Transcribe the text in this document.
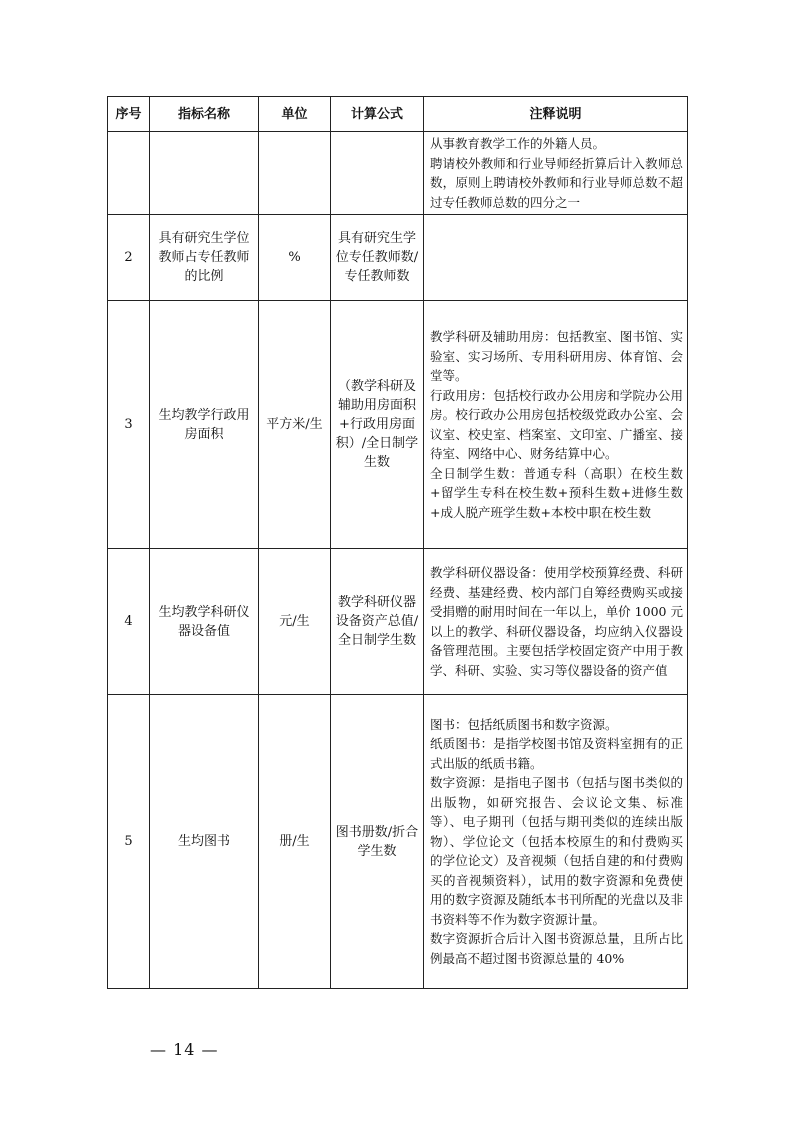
序号	指标名称	单位	计算公式	注释说明

				从事教育教学工作的外籍人员。
聘请校外教师和行业导师经折算后计入教师总数，原则上聘请校外教师和行业导师总数不超过专任教师总数的四分之一

2	具有研究生学位教师占专任教师的比例	%	具有研究生学位专任教师数/专任教师数	
3	生均教学行政用房面积	平方米/生	（教学科研及辅助用房面积+行政用房面积）/全日制学生数	教学科研及辅助用房：包括教室、图书馆、实验室、实习场所、专用科研用房、体育馆、会堂等。
行政用房：包括校行政办公用房和学院办公用房。校行政办公用房包括校级党政办公室、会议室、校史室、档案室、文印室、广播室、接待室、网络中心、财务结算中心。
全日制学生数：普通专科（高职）在校生数+留学生专科在校生数+预科生数+进修生数+成人脱产班学生数+本校中职在校生数

4	生均教学科研仪器设备值	元/生	教学科研仪器设备资产总值/全日制学生数	教学科研仪器设备：使用学校预算经费、科研经费、基建经费、校内部门自筹经费购买或接受捐赠的耐用时间在一年以上，单价 1000 元以上的教学、科研仪器设备，均应纳入仪器设备管理范围。主要包括学校固定资产中用于教学、科研、实验、实习等仪器设备的资产值

5	生均图书	册/生	图书册数/折合学生数	图书：包括纸质图书和数字资源。
纸质图书：是指学校图书馆及资料室拥有的正式出版的纸质书籍。
数字资源：是指电子图书（包括与图书类似的出版物，如研究报告、会议论文集、标准等）、电子期刊（包括与期刊类似的连续出版物）、学位论文（包括本校原生的和付费购买的学位论文）及音视频（包括自建的和付费购买的音视频资料），试用的数字资源和免费使用的数字资源及随纸本书刊所配的光盘以及非书资料等不作为数字资源计量。
数字资源折合后计入图书资源总量，且所占比例最高不超过图书资源总量的 40%
— 14 —
